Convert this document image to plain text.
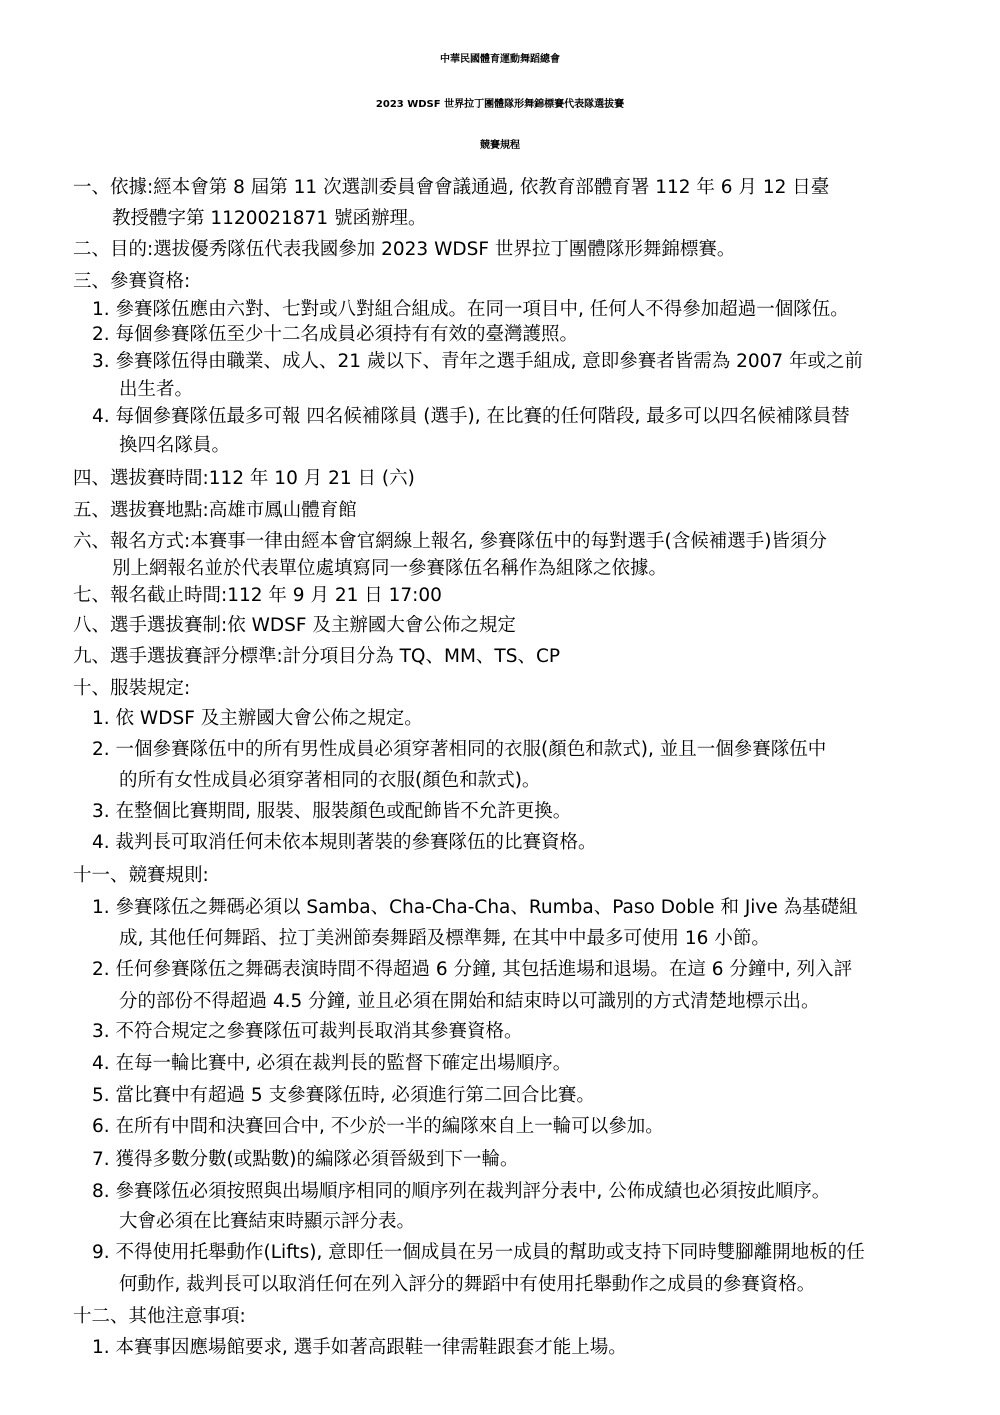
中華民國體育運動舞蹈總會
2023 WDSF 世界拉丁團體隊形舞錦標賽代表隊選拔賽
競賽規程
一、依據:經本會第 8 屆第 11 次選訓委員會會議通過, 依教育部體育署 112 年 6 月 12 日臺
教授體字第 1120021871 號函辦理。
二、目的:選拔優秀隊伍代表我國參加 2023 WDSF 世界拉丁團體隊形舞錦標賽。
三、參賽資格:
1. 參賽隊伍應由六對、七對或八對組合組成。在同一項目中, 任何人不得參加超過一個隊伍。
2. 每個參賽隊伍至少十二名成員必須持有有效的臺灣護照。
3. 參賽隊伍得由職業、成人、21 歲以下、青年之選手組成, 意即參賽者皆需為 2007 年或之前
出生者。
4. 每個參賽隊伍最多可報 四名候補隊員 (選手), 在比賽的任何階段, 最多可以四名候補隊員替
換四名隊員。
四、選拔賽時間:112 年 10 月 21 日 (六)
五、選拔賽地點:高雄市鳳山體育館
六、報名方式:本賽事一律由經本會官網線上報名, 參賽隊伍中的每對選手(含候補選手)皆須分
別上網報名並於代表單位處填寫同一參賽隊伍名稱作為組隊之依據。
七、報名截止時間:112 年 9 月 21 日 17:00
八、選手選拔賽制:依 WDSF 及主辦國大會公佈之規定
九、選手選拔賽評分標準:計分項目分為 TQ、MM、TS、CP
十、服裝規定:
1. 依 WDSF 及主辦國大會公佈之規定。
2. 一個參賽隊伍中的所有男性成員必須穿著相同的衣服(顏色和款式), 並且一個參賽隊伍中
的所有女性成員必須穿著相同的衣服(顏色和款式)。
3. 在整個比賽期間, 服裝、服裝顏色或配飾皆不允許更換。
4. 裁判長可取消任何未依本規則著裝的參賽隊伍的比賽資格。
十一、競賽規則:
1. 參賽隊伍之舞碼必須以 Samba、Cha-Cha-Cha、Rumba、Paso Doble 和 Jive 為基礎組
成, 其他任何舞蹈、拉丁美洲節奏舞蹈及標準舞, 在其中中最多可使用 16 小節。
2. 任何參賽隊伍之舞碼表演時間不得超過 6 分鐘, 其包括進場和退場。在這 6 分鐘中, 列入評
分的部份不得超過 4.5 分鐘, 並且必須在開始和結束時以可識別的方式清楚地標示出。
3. 不符合規定之參賽隊伍可裁判長取消其參賽資格。
4. 在每一輪比賽中, 必須在裁判長的監督下確定出場順序。
5. 當比賽中有超過 5 支參賽隊伍時, 必須進行第二回合比賽。
6. 在所有中間和決賽回合中, 不少於一半的編隊來自上一輪可以參加。
7. 獲得多數分數(或點數)的編隊必須晉級到下一輪。
8. 參賽隊伍必須按照與出場順序相同的順序列在裁判評分表中, 公佈成績也必須按此順序。
大會必須在比賽結束時顯示評分表。
9. 不得使用托舉動作(Lifts), 意即任一個成員在另一成員的幫助或支持下同時雙腳離開地板的任
何動作, 裁判長可以取消任何在列入評分的舞蹈中有使用托舉動作之成員的參賽資格。
十二、其他注意事項:
1. 本賽事因應場館要求, 選手如著高跟鞋一律需鞋跟套才能上場。
